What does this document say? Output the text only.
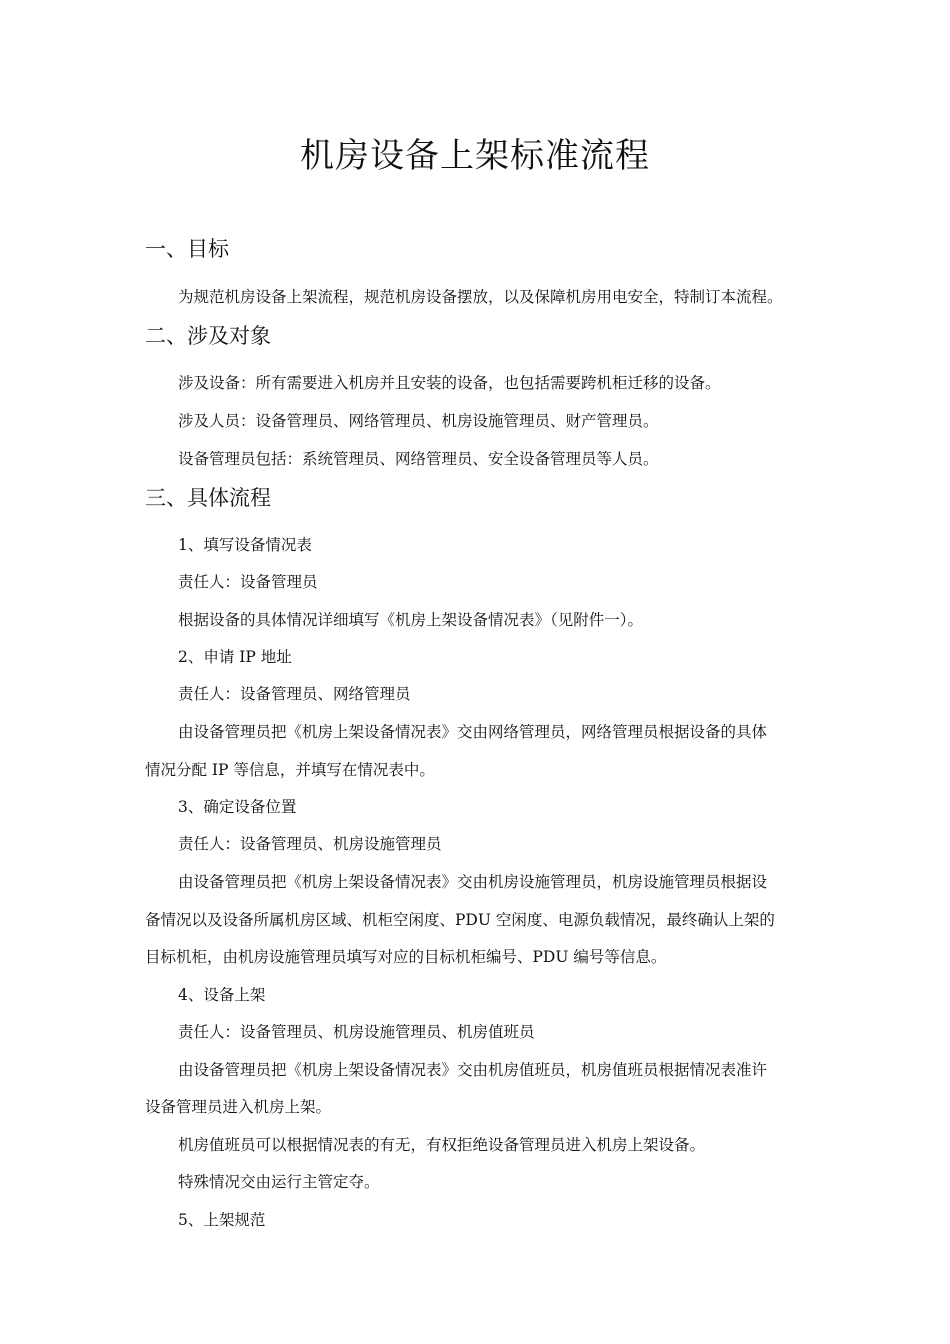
机房设备上架标准流程
一、目标
为规范机房设备上架流程，规范机房设备摆放，以及保障机房用电安全，特制订本流程。
二、涉及对象
涉及设备：所有需要进入机房并且安装的设备，也包括需要跨机柜迁移的设备。
涉及人员：设备管理员、网络管理员、机房设施管理员、财产管理员。
设备管理员包括：系统管理员、网络管理员、安全设备管理员等人员。
三、具体流程
1、填写设备情况表
责任人：设备管理员
根据设备的具体情况详细填写《机房上架设备情况表》（见附件一）。
2、申请 IP 地址
责任人：设备管理员、网络管理员
由设备管理员把《机房上架设备情况表》交由网络管理员，网络管理员根据设备的具体
情况分配 IP 等信息，并填写在情况表中。
3、确定设备位置
责任人：设备管理员、机房设施管理员
由设备管理员把《机房上架设备情况表》交由机房设施管理员，机房设施管理员根据设
备情况以及设备所属机房区域、机柜空闲度、PDU 空闲度、电源负载情况，最终确认上架的
目标机柜，由机房设施管理员填写对应的目标机柜编号、PDU 编号等信息。
4、设备上架
责任人：设备管理员、机房设施管理员、机房值班员
由设备管理员把《机房上架设备情况表》交由机房值班员，机房值班员根据情况表准许
设备管理员进入机房上架。
机房值班员可以根据情况表的有无，有权拒绝设备管理员进入机房上架设备。
特殊情况交由运行主管定夺。
5、上架规范
